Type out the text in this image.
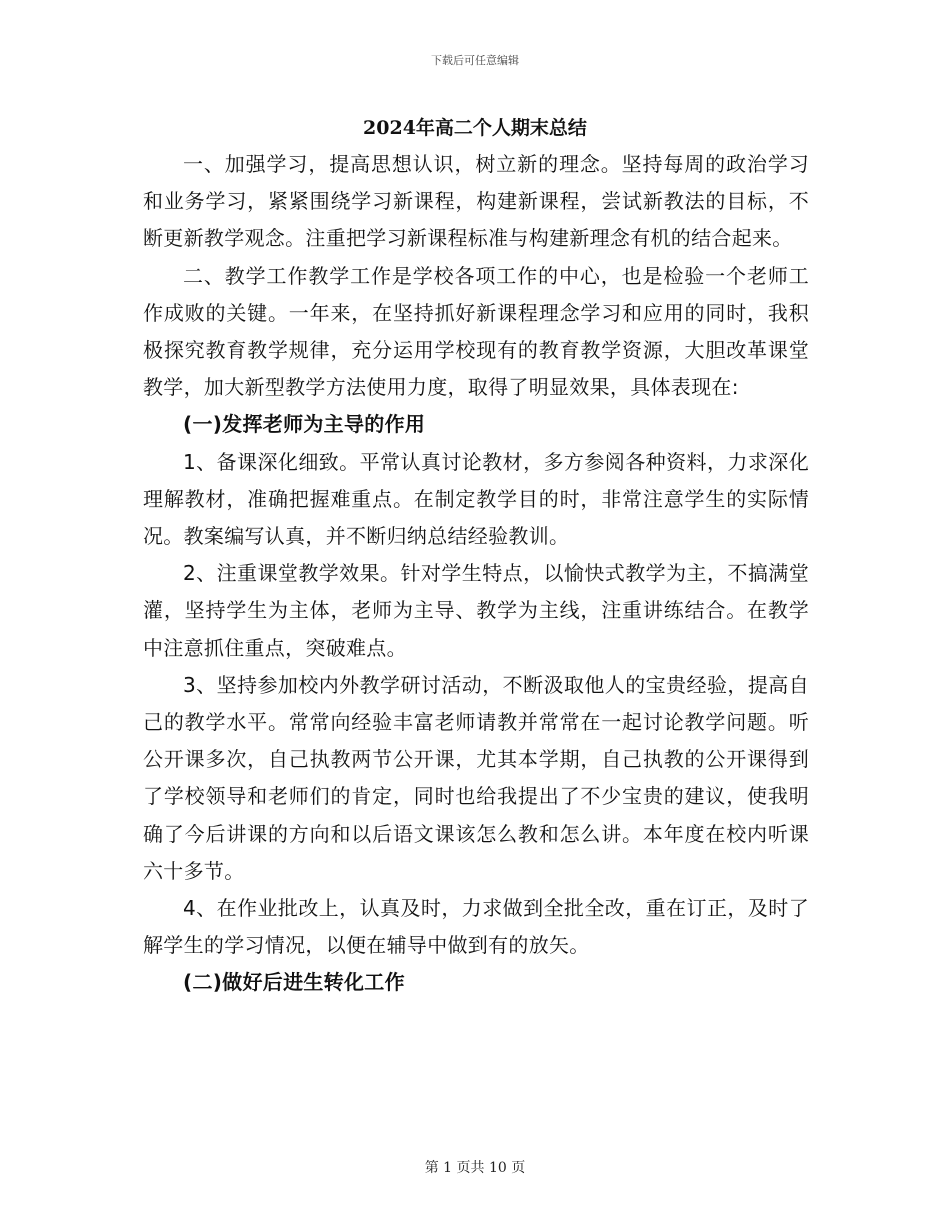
下载后可任意编辑
2024年高二个人期末总结

一、加强学习，提高思想认识，树立新的理念。坚持每周的政治学习和业务学习，紧紧围绕学习新课程，构建新课程，尝试新教法的目标，不断更新教学观念。注重把学习新课程标准与构建新理念有机的结合起来。

二、教学工作教学工作是学校各项工作的中心，也是检验一个老师工作成败的关键。一年来，在坚持抓好新课程理念学习和应用的同时，我积极探究教育教学规律，充分运用学校现有的教育教学资源，大胆改革课堂教学，加大新型教学方法使用力度，取得了明显效果，具体表现在:

(一)发挥老师为主导的作用

1、备课深化细致。平常认真讨论教材，多方参阅各种资料，力求深化理解教材，准确把握难重点。在制定教学目的时，非常注意学生的实际情况。教案编写认真，并不断归纳总结经验教训。

2、注重课堂教学效果。针对学生特点，以愉快式教学为主，不搞满堂灌，坚持学生为主体，老师为主导、教学为主线，注重讲练结合。在教学中注意抓住重点，突破难点。

3、坚持参加校内外教学研讨活动，不断汲取他人的宝贵经验，提高自己的教学水平。常常向经验丰富老师请教并常常在一起讨论教学问题。听公开课多次，自己执教两节公开课，尤其本学期，自己执教的公开课得到了学校领导和老师们的肯定，同时也给我提出了不少宝贵的建议，使我明确了今后讲课的方向和以后语文课该怎么教和怎么讲。本年度在校内听课六十多节。

4、在作业批改上，认真及时，力求做到全批全改，重在订正，及时了解学生的学习情况，以便在辅导中做到有的放矢。

(二)做好后进生转化工作

第 1 页共 10 页
